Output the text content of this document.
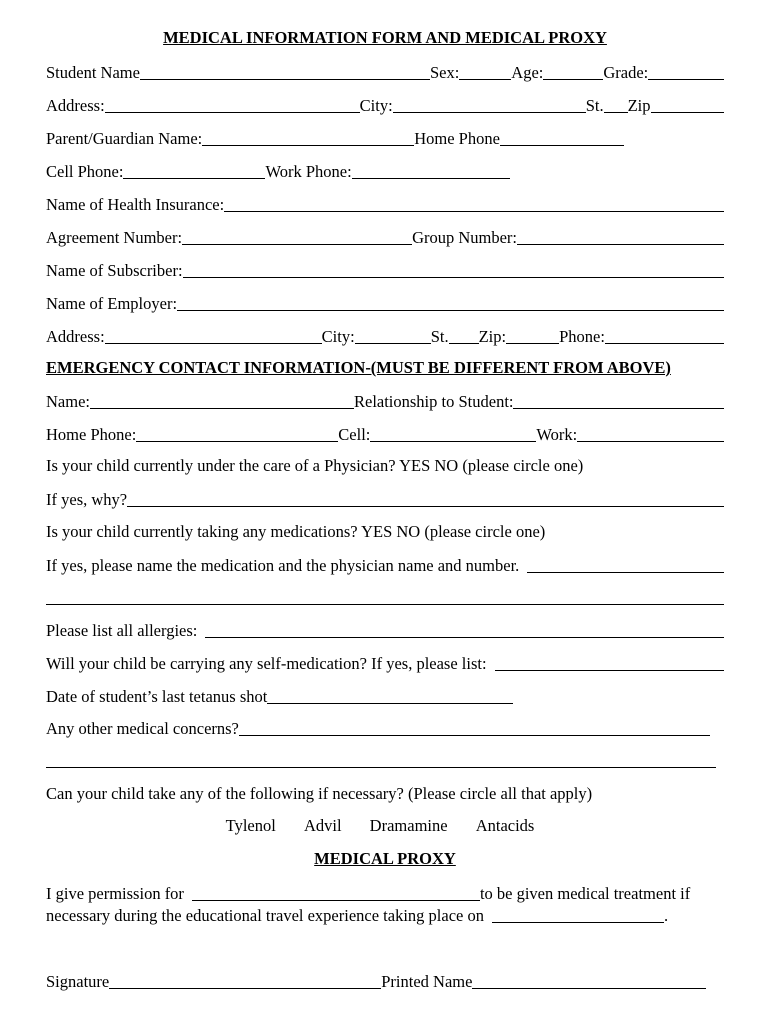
MEDICAL INFORMATION FORM AND MEDICAL PROXY
Student Name	Sex:	Age:	Grade:
Address:	City:	St. Zip
Parent/Guardian Name:	Home Phone
Cell Phone:	Work Phone:
Name of Health Insurance:
Agreement Number:	Group Number:
Name of Subscriber:
Name of Employer:
Address:	City:	St. Zip:	Phone:
EMERGENCY CONTACT INFORMATION-(MUST BE DIFFERENT FROM ABOVE)
Name:	Relationship to Student:
Home Phone:	Cell:	Work:
Is your child currently under the care of a Physician? YES NO (please circle one)
If yes, why?
Is your child currently taking any medications? YES NO (please circle one)
If yes, please name the medication and the physician name and number.
Please list all allergies:
Will your child be carrying any self-medication? If yes, please list:
Date of student’s last tetanus shot
Any other medical concerns?
Can your child take any of the following if necessary? (Please circle all that apply)
Tylenol Advil Dramamine Antacids
MEDICAL PROXY
I give permission for	to be given medical treatment if
necessary during the educational travel experience taking place on	.
Signature	Printed Name
